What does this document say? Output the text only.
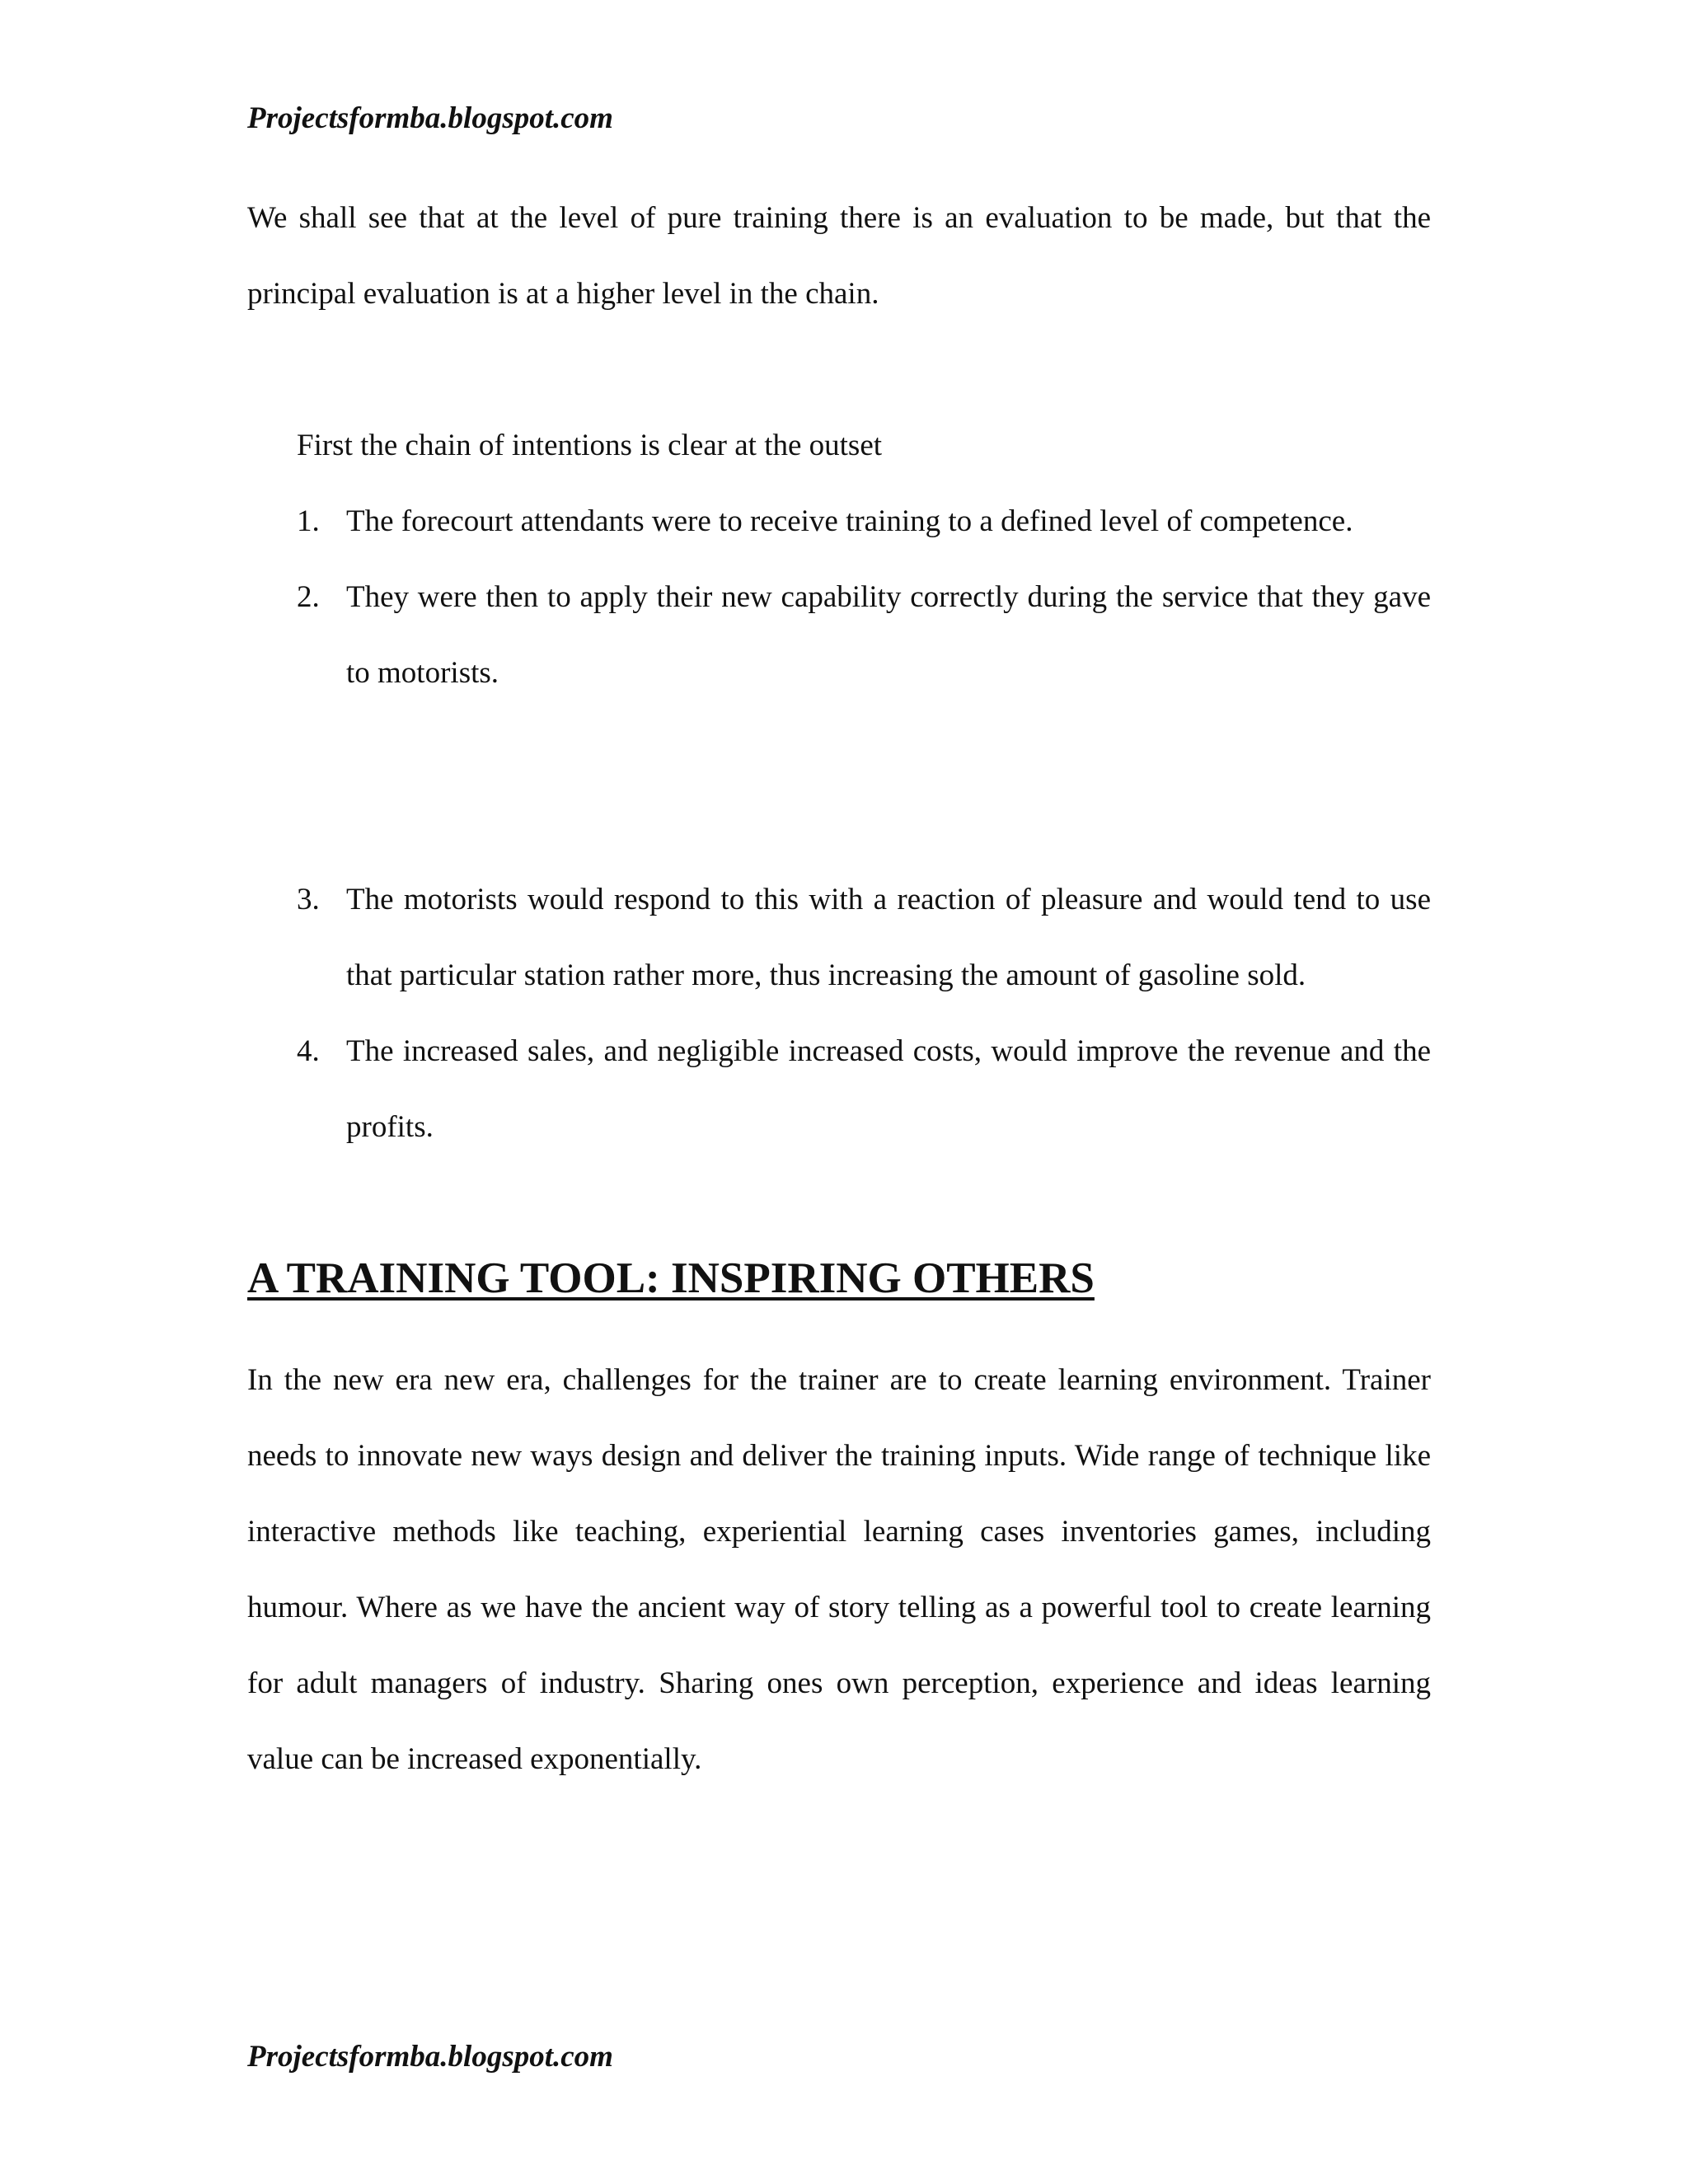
Projectsformba.blogspot.com

We shall see that at the level of pure training there is an evaluation to be made, but that the principal evaluation is at a higher level in the chain.

First the chain of intentions is clear at the outset

1. The forecourt attendants were to receive training to a defined level of competence.
2. They were then to apply their new capability correctly during the service that they gave to motorists.
3. The motorists would respond to this with a reaction of pleasure and would tend to use that particular station rather more, thus increasing the amount of gasoline sold.
4. The increased sales, and negligible increased costs, would improve the revenue and the profits.
A TRAINING TOOL: INSPIRING OTHERS

In the new era new era, challenges for the trainer are to create learning environment. Trainer needs to innovate new ways design and deliver the training inputs. Wide range of technique like interactive methods like teaching, experiential learning cases inventories games, including humour. Where as we have the ancient way of story telling as a powerful tool to create learning for adult managers of industry. Sharing ones own perception, experience and ideas learning value can be increased exponentially.

Projectsformba.blogspot.com
